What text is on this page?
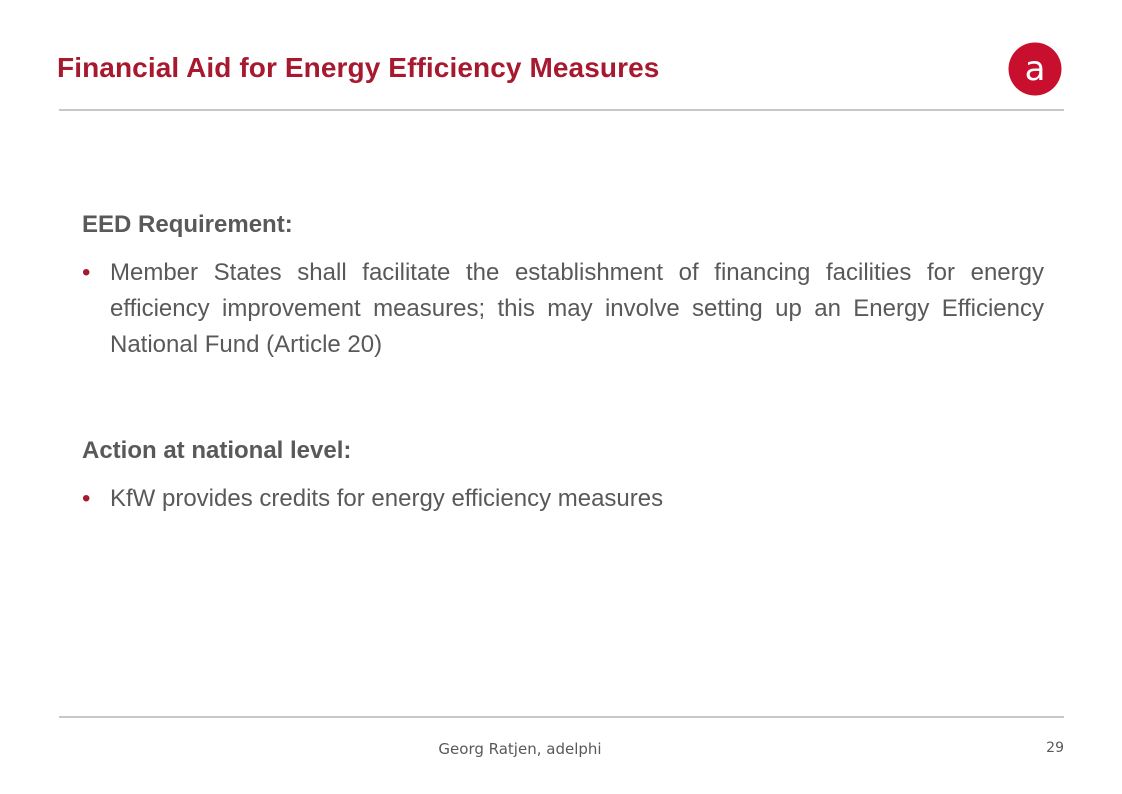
Financial Aid for Energy Efficiency Measures	a
EED Requirement:
• Member States shall facilitate the establishment of financing facilities for energy efficiency improvement measures; this may involve setting up an Energy Efficiency National Fund (Article 20)
Action at national level:
• KfW provides credits for energy efficiency measures
Georg Ratjen, adelphi	29
